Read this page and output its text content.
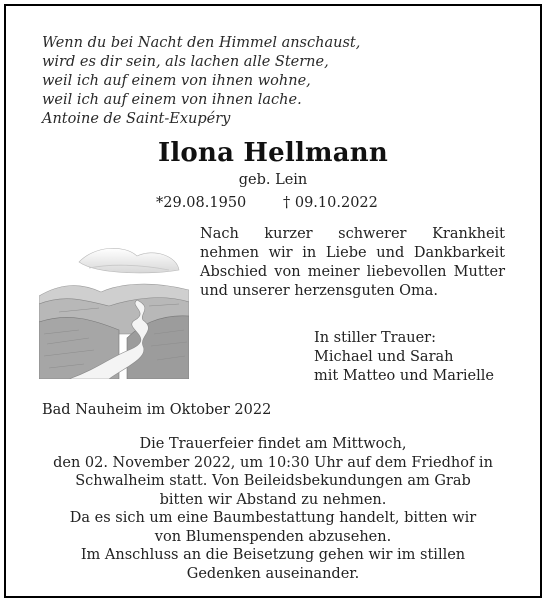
Wenn du bei Nacht den Himmel anschaust,
wird es dir sein, als lachen alle Sterne,
weil ich auf einem von ihnen wohne,
weil ich auf einem von ihnen lache.
Antoine de Saint-Exupéry
Ilona Hellmann
geb. Lein
*29.08.1950	† 09.10.2022
Nach kurzer schwerer Krankheit nehmen wir in Liebe und Dankbarkeit Abschied von meiner liebevollen Mutter und unserer herzensguten Oma.
In stiller Trauer:
Michael und Sarah
mit Matteo und Marielle
Bad Nauheim im Oktober 2022
Die Trauerfeier findet am Mittwoch,
den 02. November 2022, um 10:30 Uhr auf dem Friedhof in
Schwalheim statt. Von Beileidsbekundungen am Grab
bitten wir Abstand zu nehmen.
Da es sich um eine Baumbestattung handelt, bitten wir
von Blumenspenden abzusehen.
Im Anschluss an die Beisetzung gehen wir im stillen
Gedenken auseinander.
